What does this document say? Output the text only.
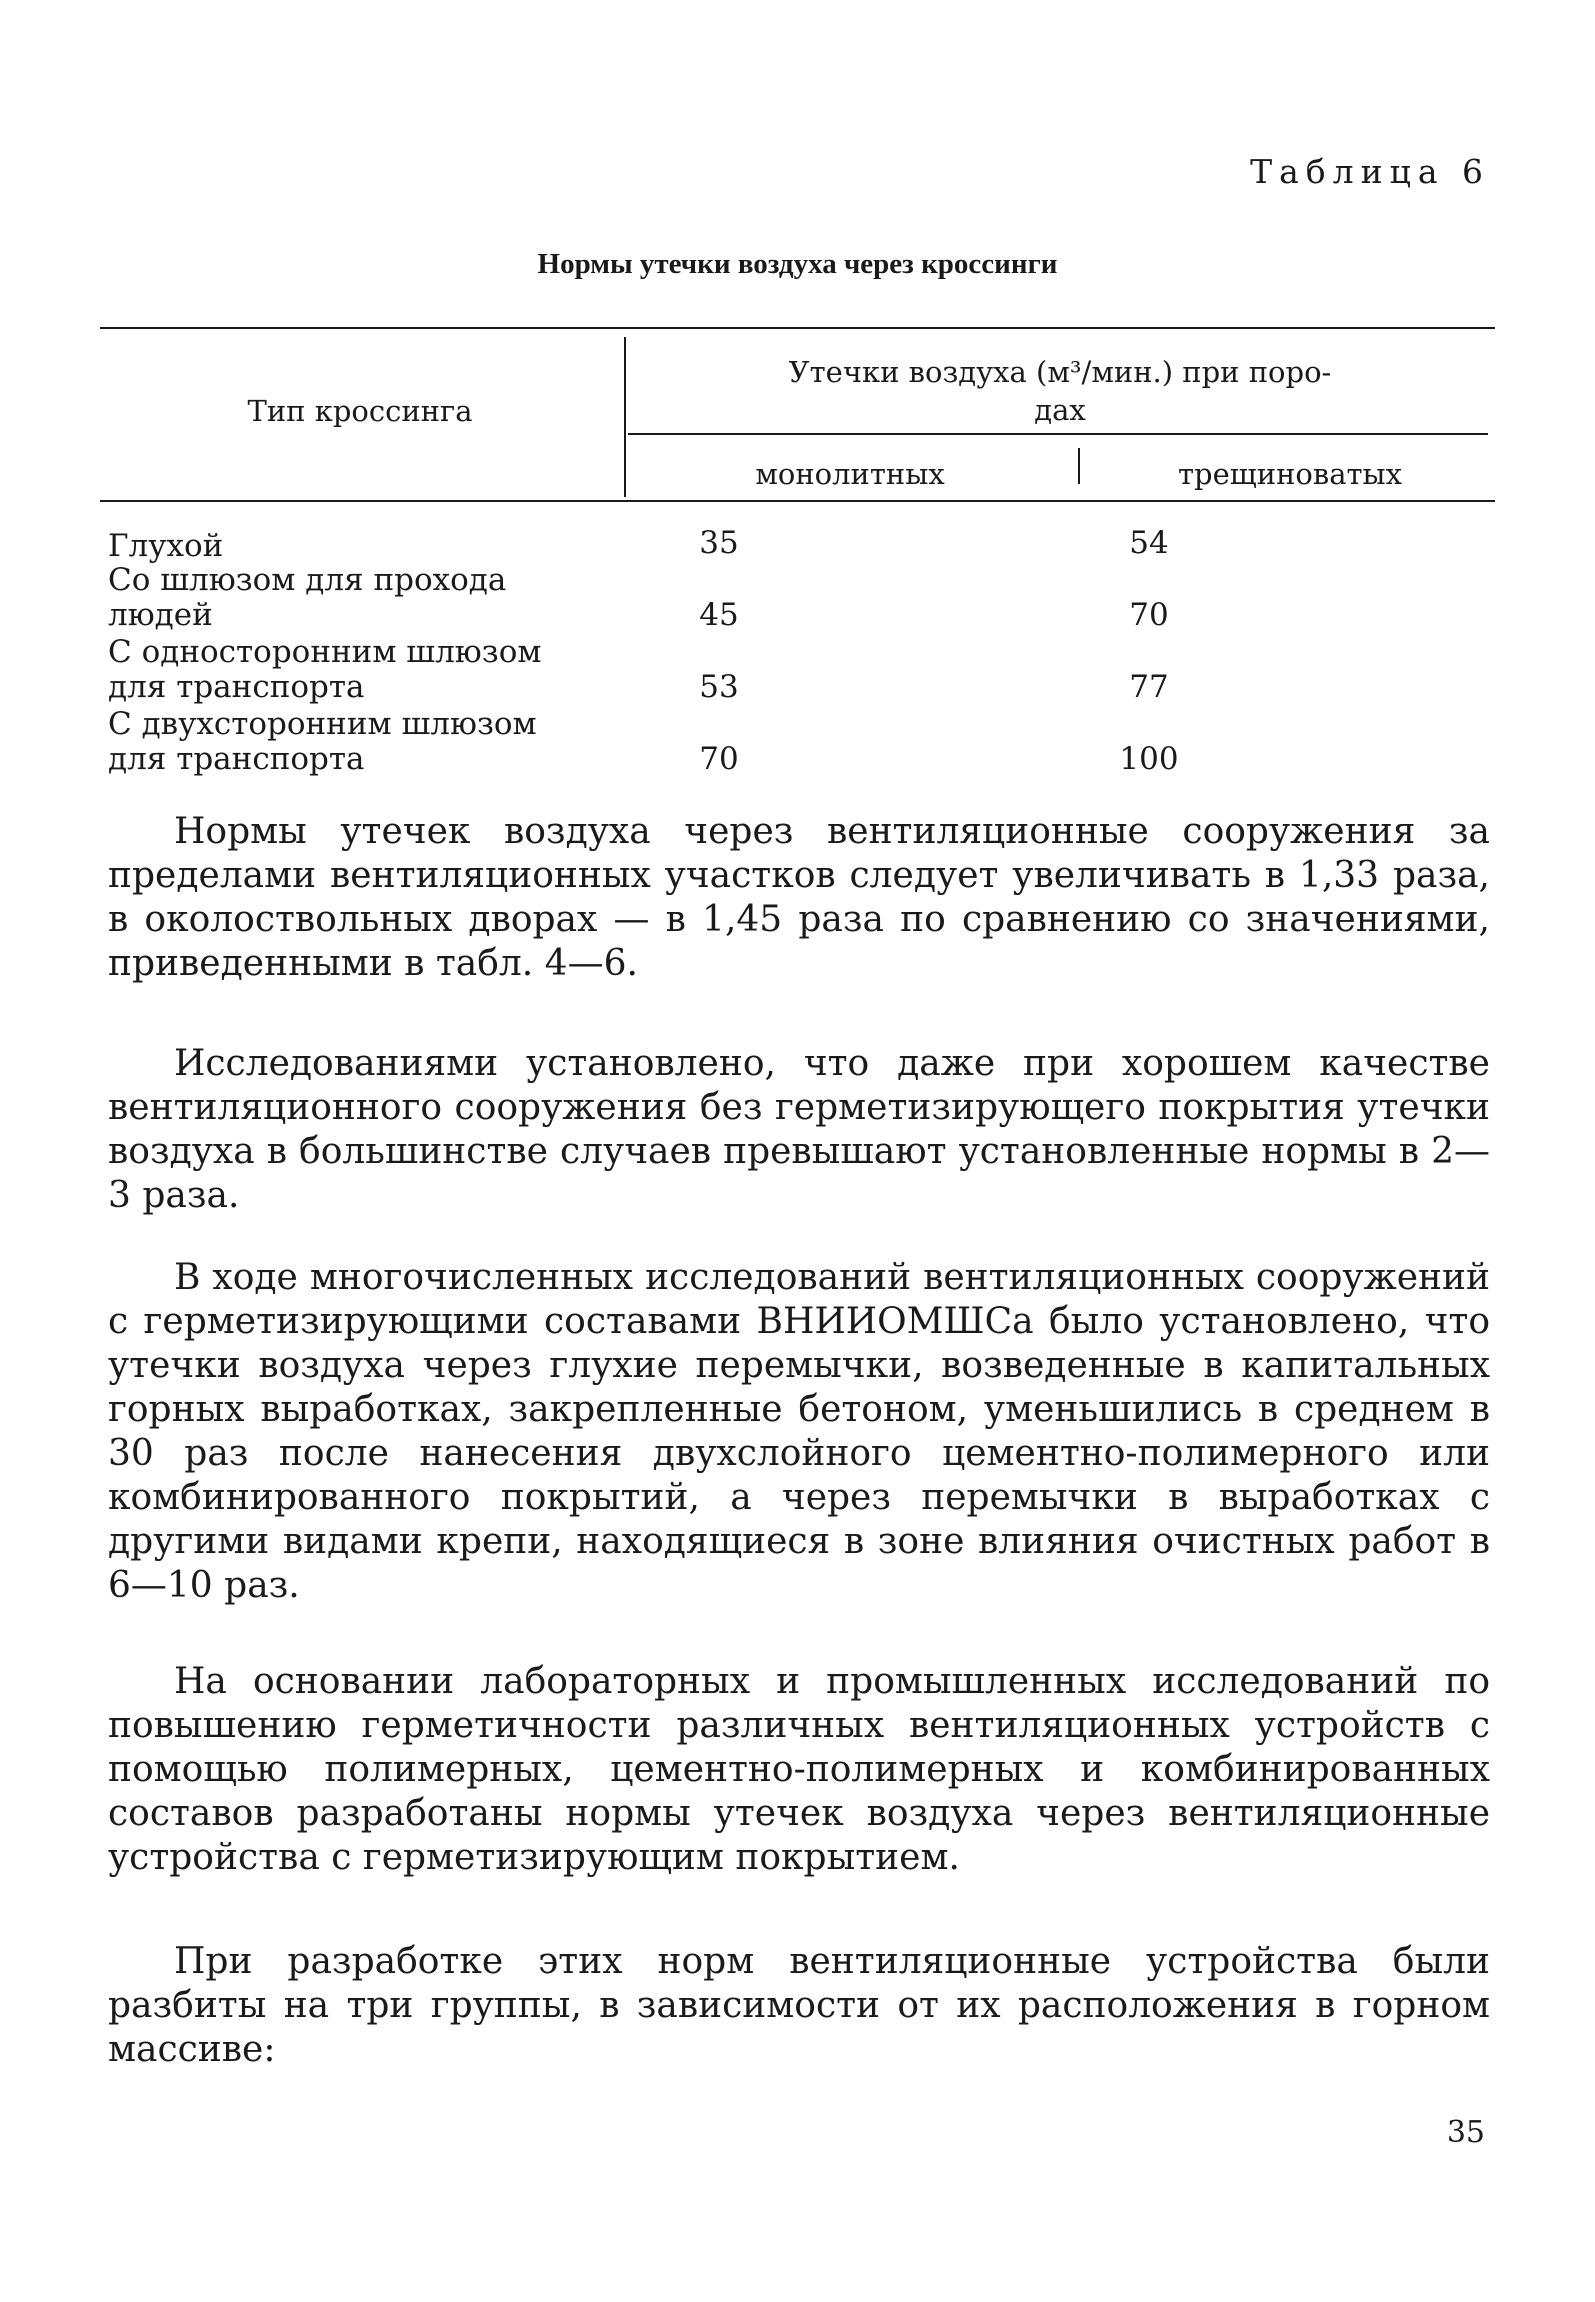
Таблица 6
Нормы утечки воздуха через кроссинги
Тип кроссинга
Утечки воздуха (м³/мин.) при поро-
дах
монолитных	трещиноватых
Глухой	35	54
Со шлюзом для прохода
людей	45	70
С односторонним шлюзом
для транспорта	53	77
С двухсторонним шлюзом
для транспорта	70	100

Нормы утечек воздуха через вентиляционные сооружения за пределами вентиляционных участков следует увеличивать в 1,33 раза, в околоствольных дворах — в 1,45 раза по сравнению со значениями, приведенными в табл. 4—6.

Исследованиями установлено, что даже при хорошем качестве вентиляционного сооружения без герметизирующего покрытия утечки воздуха в большинстве случаев превышают установленные нормы в 2—3 раза.

В ходе многочисленных исследований вентиляционных сооружений с герметизирующими составами ВНИИОМШСа было установлено, что утечки воздуха через глухие перемычки, возведенные в капитальных горных выработках, закрепленные бетоном, уменьшились в среднем в 30 раз после нанесения двухслойного цементно-полимерного или комбинированного покрытий, а через перемычки в выработках с другими видами крепи, находящиеся в зоне влияния очистных работ в 6—10 раз.

На основании лабораторных и промышленных исследований по повышению герметичности различных вентиляционных устройств с помощью полимерных, цементно-полимерных и комбинированных составов разработаны нормы утечек воздуха через вентиляционные устройства с герметизирующим покрытием.

При разработке этих норм вентиляционные устройства были разбиты на три группы, в зависимости от их расположения в горном массиве:

35
